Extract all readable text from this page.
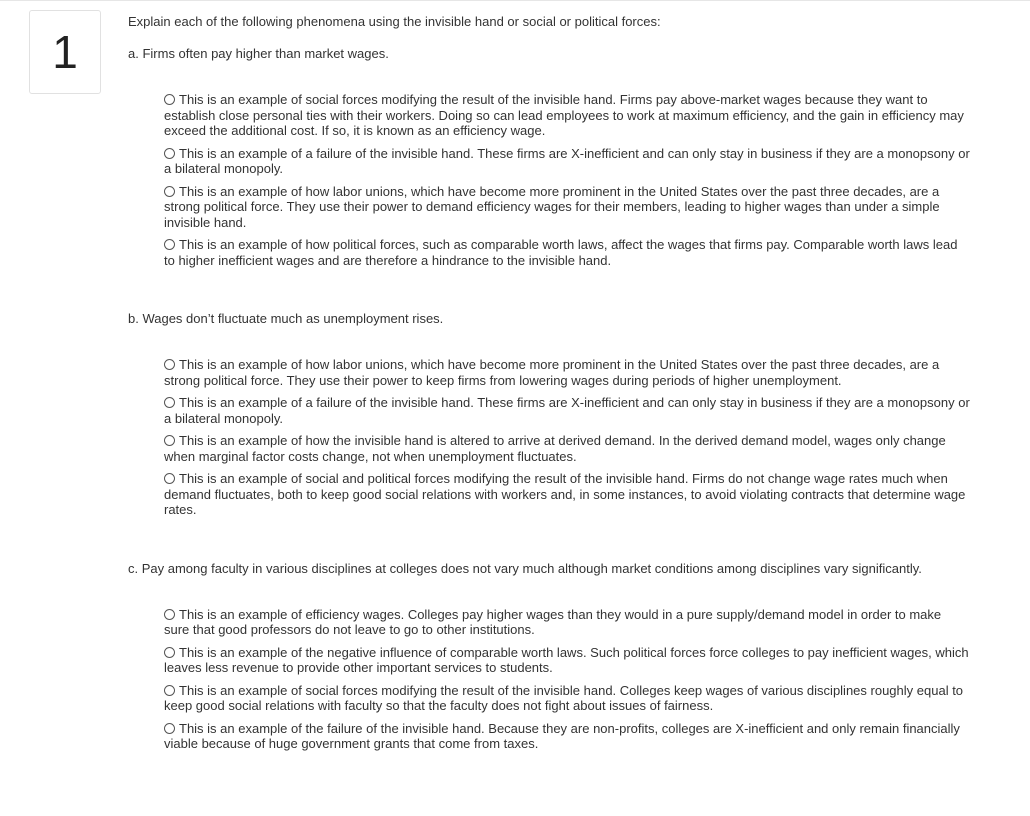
1

Explain each of the following phenomena using the invisible hand or social or political forces:

a. Firms often pay higher than market wages.

This is an example of social forces modifying the result of the invisible hand. Firms pay above-market wages because they want to establish close personal ties with their workers. Doing so can lead employees to work at maximum efficiency, and the gain in efficiency may exceed the additional cost. If so, it is known as an efficiency wage.
This is an example of a failure of the invisible hand. These firms are X-inefficient and can only stay in business if they are a monopsony or a bilateral monopoly.
This is an example of how labor unions, which have become more prominent in the United States over the past three decades, are a strong political force. They use their power to demand efficiency wages for their members, leading to higher wages than under a simple invisible hand.
This is an example of how political forces, such as comparable worth laws, affect the wages that firms pay. Comparable worth laws lead to higher inefficient wages and are therefore a hindrance to the invisible hand.

b. Wages don’t fluctuate much as unemployment rises.

This is an example of how labor unions, which have become more prominent in the United States over the past three decades, are a strong political force. They use their power to keep firms from lowering wages during periods of higher unemployment.
This is an example of a failure of the invisible hand. These firms are X-inefficient and can only stay in business if they are a monopsony or a bilateral monopoly.
This is an example of how the invisible hand is altered to arrive at derived demand. In the derived demand model, wages only change when marginal factor costs change, not when unemployment fluctuates.
This is an example of social and political forces modifying the result of the invisible hand. Firms do not change wage rates much when demand fluctuates, both to keep good social relations with workers and, in some instances, to avoid violating contracts that determine wage rates.

c. Pay among faculty in various disciplines at colleges does not vary much although market conditions among disciplines vary significantly.

This is an example of efficiency wages. Colleges pay higher wages than they would in a pure supply/demand model in order to make sure that good professors do not leave to go to other institutions.
This is an example of the negative influence of comparable worth laws. Such political forces force colleges to pay inefficient wages, which leaves less revenue to provide other important services to students.
This is an example of social forces modifying the result of the invisible hand. Colleges keep wages of various disciplines roughly equal to keep good social relations with faculty so that the faculty does not fight about issues of fairness.
This is an example of the failure of the invisible hand. Because they are non-profits, colleges are X-inefficient and only remain financially viable because of huge government grants that come from taxes.
